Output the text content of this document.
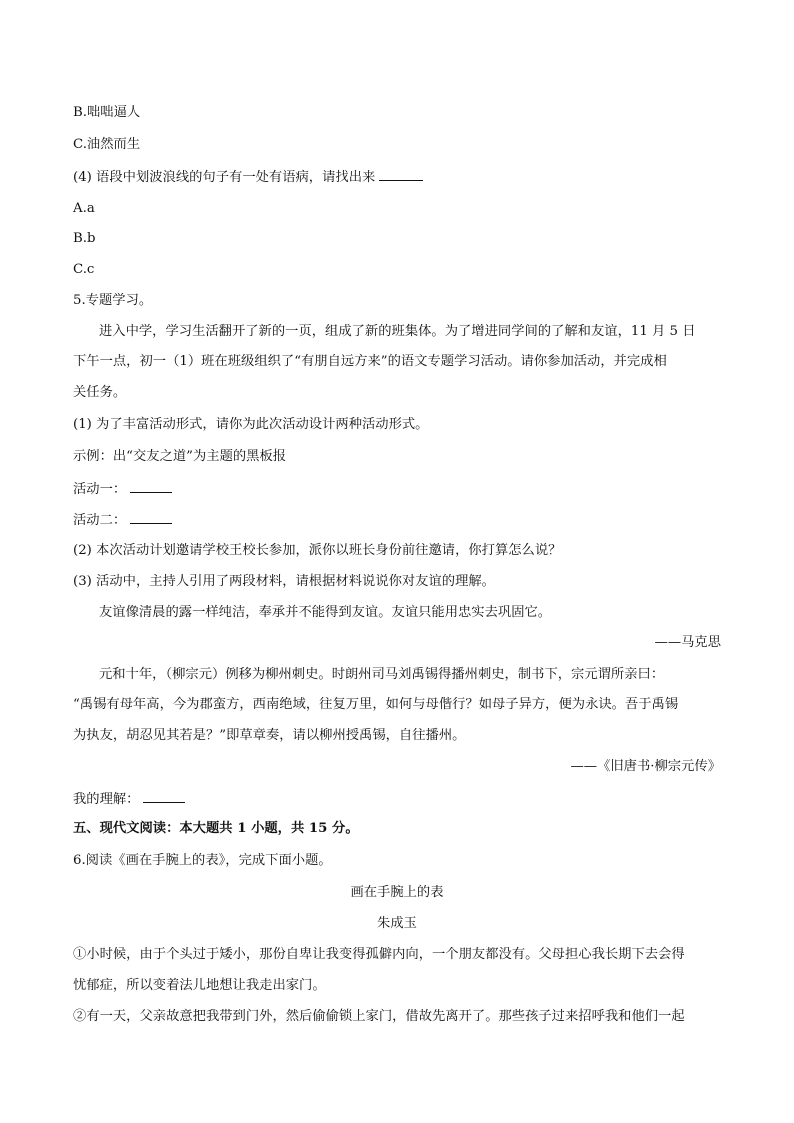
B.咄咄逼人
C.油然而生
(4) 语段中划波浪线的句子有一处有语病，请找出来
A.a
B.b
C.c
5.专题学习。
进入中学，学习生活翻开了新的一页，组成了新的班集体。为了增进同学间的了解和友谊，11 月 5 日
下午一点，初一（1）班在班级组织了“有朋自远方来”的语文专题学习活动。请你参加活动，并完成相
关任务。
(1) 为了丰富活动形式，请你为此次活动设计两种活动形式。
示例：出“交友之道”为主题的黑板报
活动一：
活动二：
(2) 本次活动计划邀请学校王校长参加，派你以班长身份前往邀请，你打算怎么说？
(3) 活动中，主持人引用了两段材料，请根据材料说说你对友谊的理解。
友谊像清晨的露一样纯洁，奉承并不能得到友谊。友谊只能用忠实去巩固它。
——马克思
元和十年，（柳宗元）例移为柳州刺史。时朗州司马刘禹锡得播州刺史，制书下，宗元谓所亲曰：
“禹锡有母年高，今为郡蛮方，西南绝域，往复万里，如何与母偕行？如母子异方，便为永诀。吾于禹锡
为执友，胡忍见其若是？”即草章奏，请以柳州授禹锡，自往播州。
——《旧唐书·柳宗元传》
我的理解：
五、现代文阅读：本大题共 1 小题，共 15 分。
6.阅读《画在手腕上的表》，完成下面小题。
画在手腕上的表
朱成玉
①小时候，由于个头过于矮小，那份自卑让我变得孤僻内向，一个朋友都没有。父母担心我长期下去会得
忧郁症，所以变着法儿地想让我走出家门。
②有一天，父亲故意把我带到门外，然后偷偷锁上家门，借故先离开了。那些孩子过来招呼我和他们一起
